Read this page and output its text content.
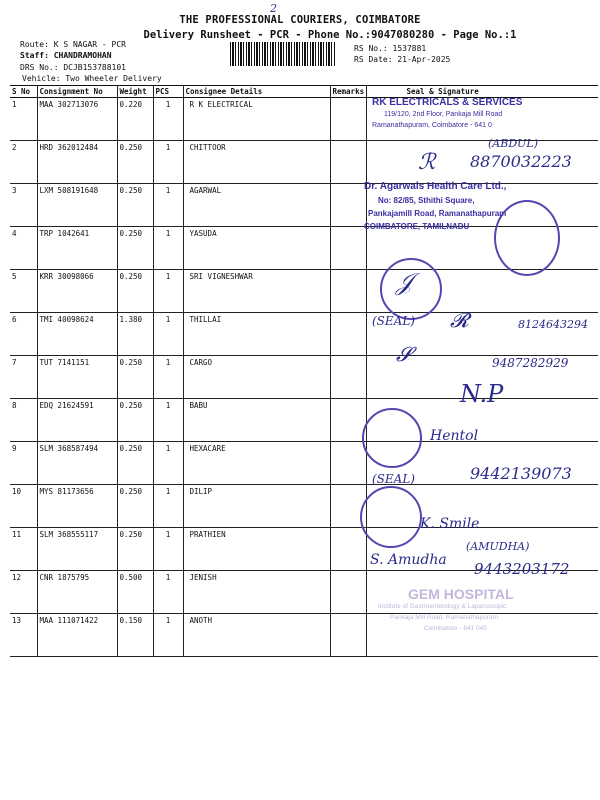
THE PROFESSIONAL COURIERS, COIMBATORE
2
Delivery Runsheet - PCR - Phone No.:9047080280 - Page No.:1
Route: K S NAGAR - PCR
Staff: CHANDRAMOHAN
DRS No.: DCJB153788101
Vehicle: Two Wheeler Delivery
RS No.: 1537881
RS Date: 21-Apr-2025
S No	Consignment No	Weight	PCS	Consignee Details	Remarks	Seal & Signature
1	MAA 302713076	0.220	1	R K ELECTRICAL		
2	HRD 362012484	0.250	1	CHITTOOR		
3	LXM 508191648	0.250	1	AGARWAL		
4	TRP 1042641	0.250	1	YASUDA		
5	KRR 30098066	0.250	1	SRI VIGNESHWAR		
6	TMI 40098624	1.380	1	THILLAI		
7	TUT 7141151	0.250	1	CARGO		
8	EDQ 21624591	0.250	1	BABU		
9	SLM 368587494	0.250	1	HEXACARE		
10	MYS 81173656	0.250	1	DILIP		
11	SLM 368555117	0.250	1	PRATHIEN		
12	CNR 1875795	0.500	1	JENISH		
13	MAA 111071422	0.150	1	ANOTH		
RK ELECTRICALS & SERVICES
119/120, 2nd Floor, Pankaja Mill Road
Ramanathapuram, Coimbatore - 641 0
(ABDUL)
8870032223
ℛ
Dr. Agarwals Health Care Ltd.,
No: 82/85, Sthithi Square,
Pankajamill Road, Ramanathapuram
COIMBATORE, TAMILNADU
𝒥
(SEAL) 𝓡	8124643294
𝓢	9487282929
N.P
Hentol
(SEAL)	9442139073
K. Smile
(AMUDHA)
S. Amudha 9443203172
GEM HOSPITAL
Institute of Gastroenterology & Laparoscopic
Pankaja Mill Road, Ramanathapuram
Coimbatore - 641 045
